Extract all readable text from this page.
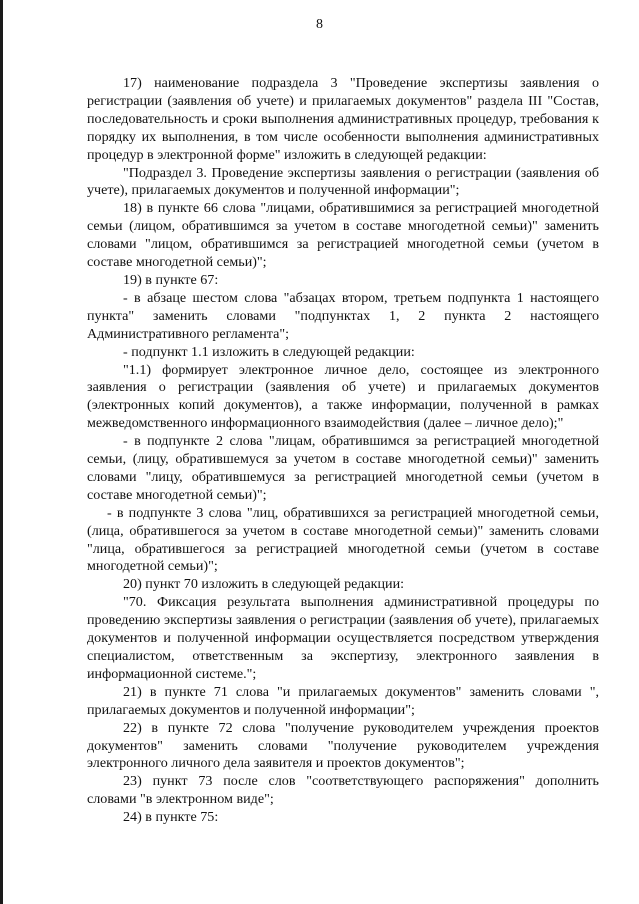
8

17) наименование подраздела 3 "Проведение экспертизы заявления о регистрации (заявления об учете) и прилагаемых документов" раздела III "Состав, последовательность и сроки выполнения административных процедур, требования к порядку их выполнения, в том числе особенности выполнения административных процедур в электронной форме" изложить в следующей редакции:

"Подраздел 3. Проведение экспертизы заявления о регистрации (заявления об учете), прилагаемых документов и полученной информации";

18) в пункте 66 слова "лицами, обратившимися за регистрацией многодетной семьи (лицом, обратившимся за учетом в составе многодетной семьи)" заменить словами "лицом, обратившимся за регистрацией многодетной семьи (учетом в составе многодетной семьи)";

19) в пункте 67:

- в абзаце шестом слова "абзацах втором, третьем подпункта 1 настоящего пункта" заменить словами "подпунктах 1, 2 пункта 2 настоящего Административного регламента";

- подпункт 1.1 изложить в следующей редакции:

"1.1) формирует электронное личное дело, состоящее из электронного заявления о регистрации (заявления об учете) и прилагаемых документов (электронных копий документов), а также информации, полученной в рамках межведомственного информационного взаимодействия (далее – личное дело);"

- в подпункте 2 слова "лицам, обратившимся за регистрацией многодетной семьи, (лицу, обратившемуся за учетом в составе многодетной семьи)" заменить словами "лицу, обратившемуся за регистрацией многодетной семьи (учетом в составе многодетной семьи)";

- в подпункте 3 слова "лиц, обратившихся за регистрацией многодетной семьи, (лица, обратившегося за учетом в составе многодетной семьи)" заменить словами "лица, обратившегося за регистрацией многодетной семьи (учетом в составе многодетной семьи)";

20) пункт 70 изложить в следующей редакции:

"70. Фиксация результата выполнения административной процедуры по проведению экспертизы заявления о регистрации (заявления об учете), прилагаемых документов и полученной информации осуществляется посредством утверждения специалистом, ответственным за экспертизу, электронного заявления в информационной системе.";

21) в пункте 71 слова "и прилагаемых документов" заменить словами ", прилагаемых документов и полученной информации";

22) в пункте 72 слова "получение руководителем учреждения проектов документов" заменить словами "получение руководителем учреждения электронного личного дела заявителя и проектов документов";

23) пункт 73 после слов "соответствующего распоряжения" дополнить словами "в электронном виде";

24) в пункте 75:
